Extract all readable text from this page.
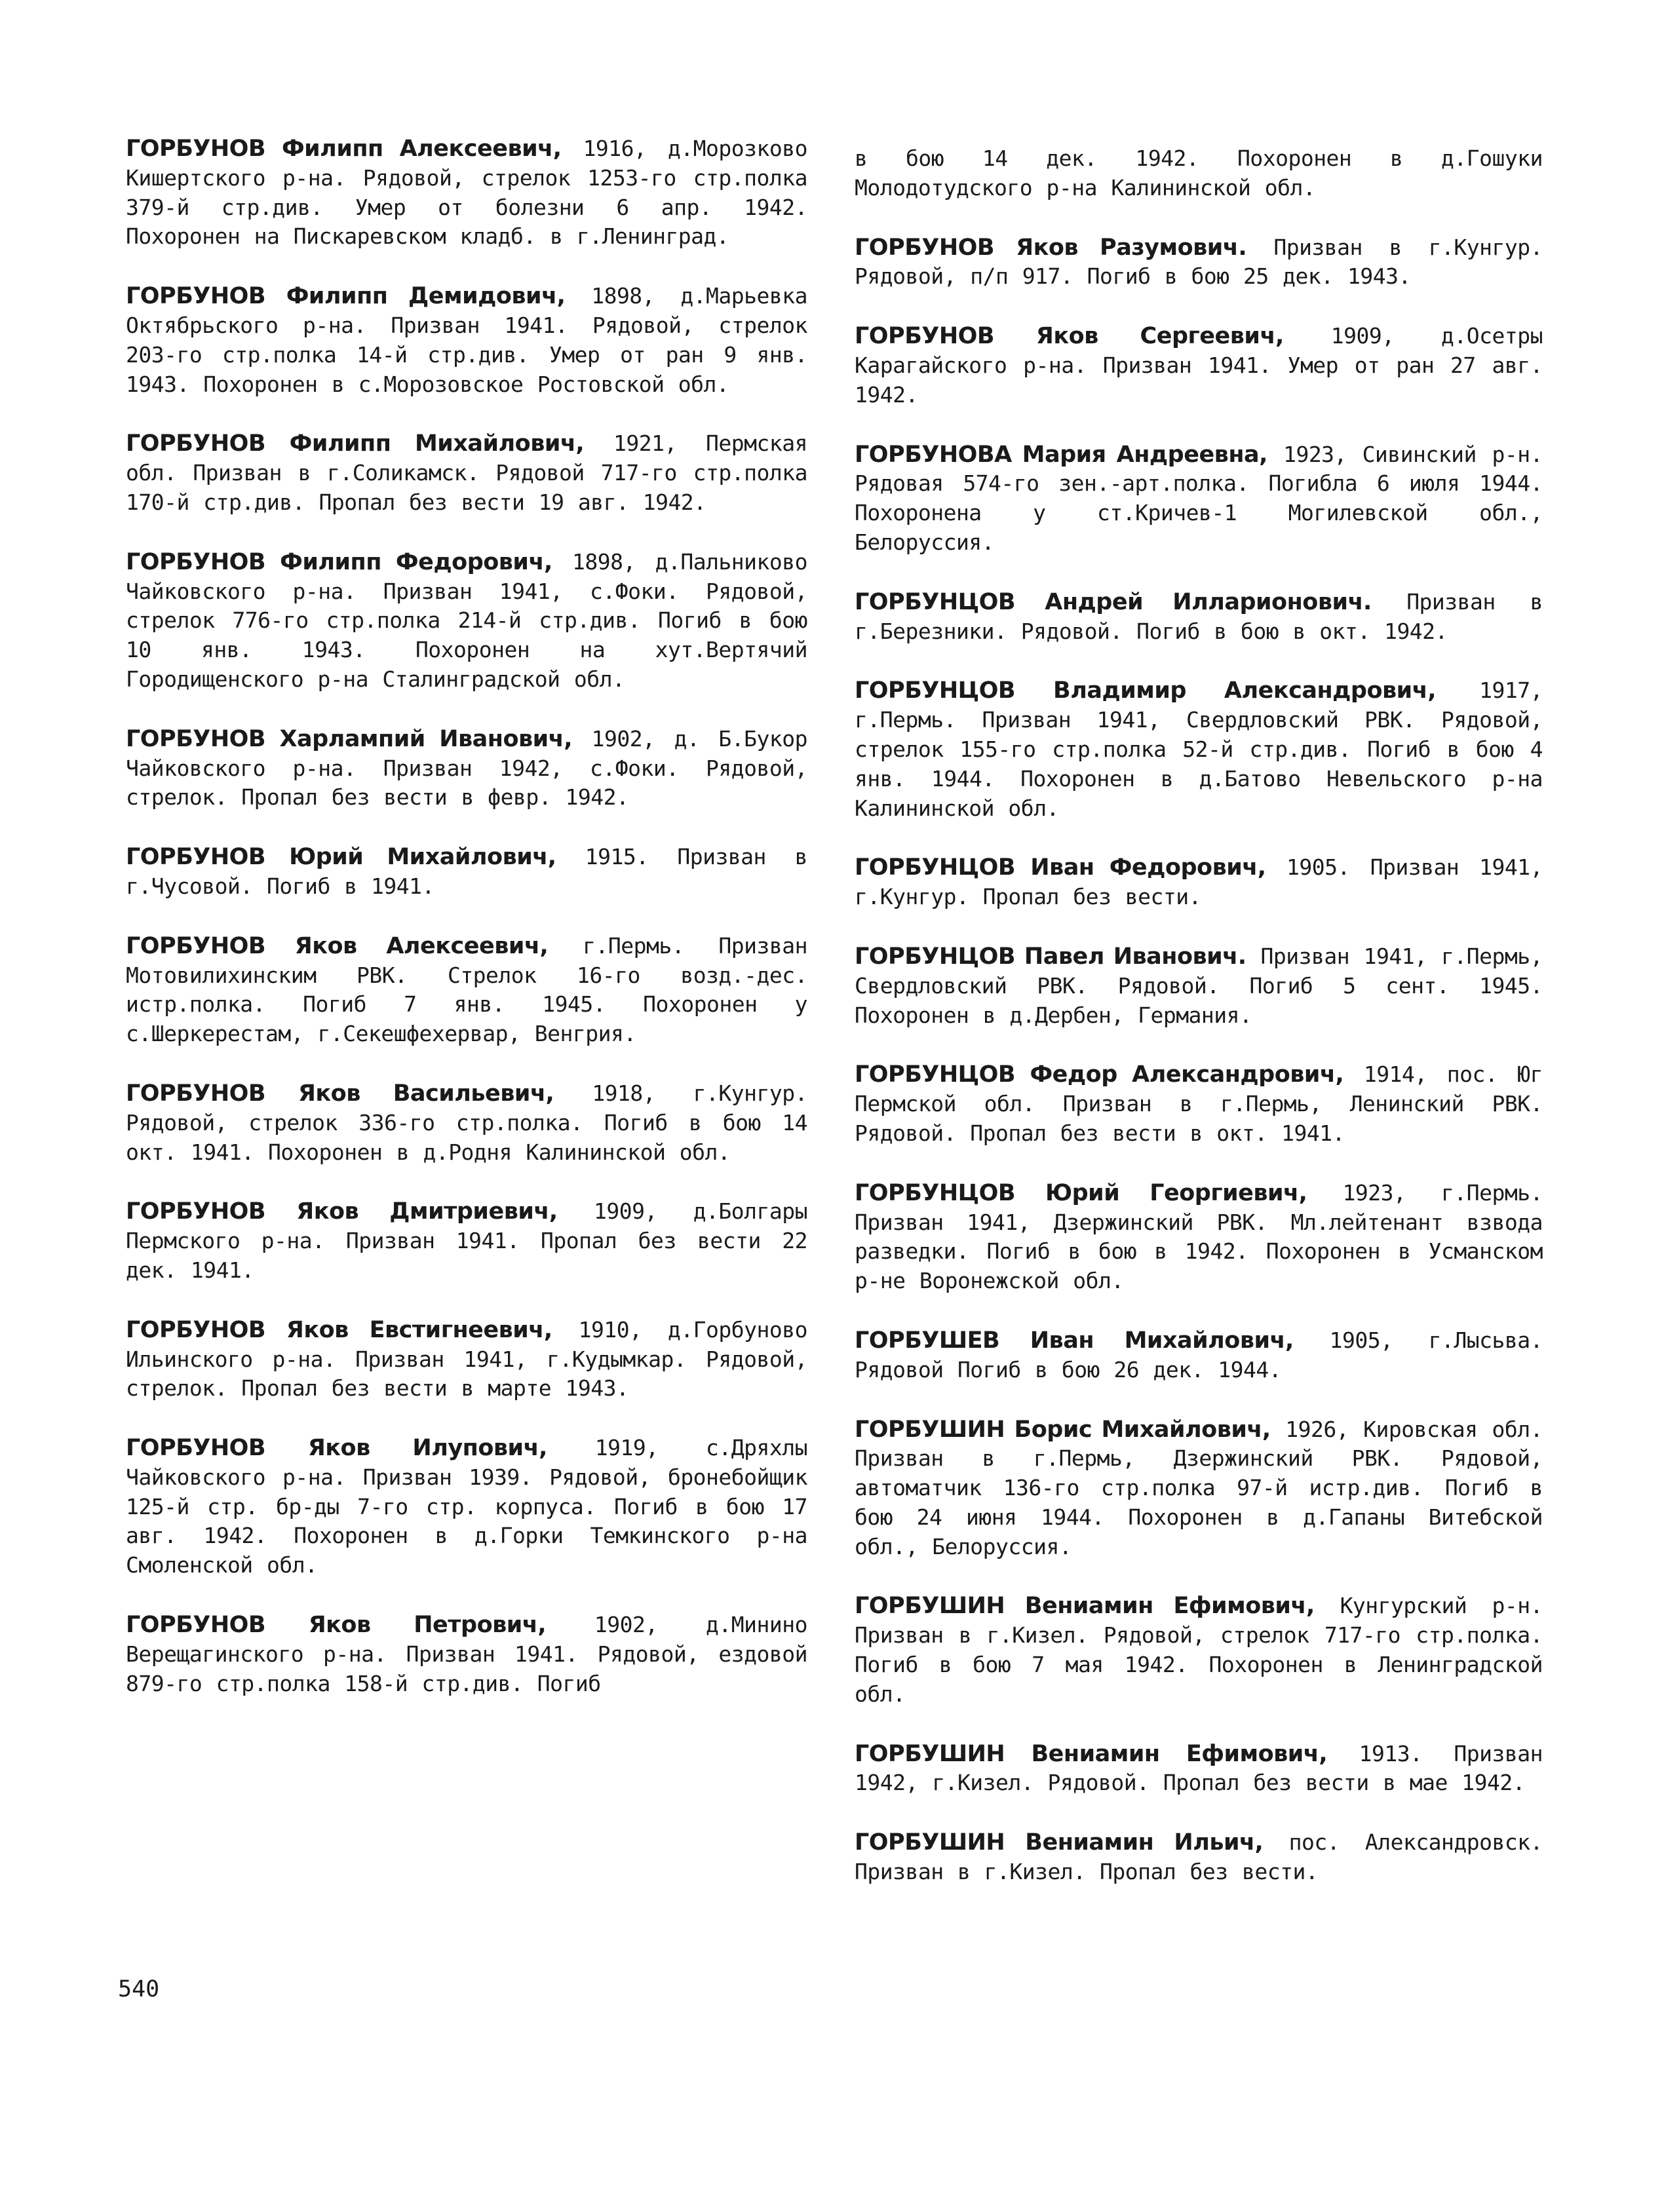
ГОРБУНОВ Филипп Алексеевич, 1916, д.Морозково Кишертского р-на. Рядовой, стрелок 1253-го стр.полка 379-й стр.див. Умер от болезни 6 апр. 1942. Похоронен на Пискаревском кладб. в г.Ленинград.

ГОРБУНОВ Филипп Демидович, 1898, д.Марьевка Октябрьского р-на. Призван 1941. Рядовой, стрелок 203-го стр.полка 14-й стр.див. Умер от ран 9 янв. 1943. Похоронен в с.Морозовское Ростовской обл.

ГОРБУНОВ Филипп Михайлович, 1921, Пермская обл. Призван в г.Соликамск. Рядовой 717-го стр.полка 170-й стр.див. Пропал без вести 19 авг. 1942.

ГОРБУНОВ Филипп Федорович, 1898, д.Пальниково Чайковского р-на. Призван 1941, с.Фоки. Рядовой, стрелок 776-го стр.полка 214-й стр.див. Погиб в бою 10 янв. 1943. Похоронен на хут.Вертячий Городищенского р-на Сталинградской обл.

ГОРБУНОВ Харлампий Иванович, 1902, д. Б.Букор Чайковского р-на. Призван 1942, с.Фоки. Рядовой, стрелок. Пропал без вести в февр. 1942.

ГОРБУНОВ Юрий Михайлович, 1915. Призван в г.Чусовой. Погиб в 1941.

ГОРБУНОВ Яков Алексеевич, г.Пермь. Призван Мотовилихинским РВК. Стрелок 16-го возд.-дес. истр.полка. Погиб 7 янв. 1945. Похоронен у с.Шеркерестам, г.Секешфехервар, Венгрия.

ГОРБУНОВ Яков Васильевич, 1918, г.Кунгур. Рядовой, стрелок 336-го стр.полка. Погиб в бою 14 окт. 1941. Похоронен в д.Родня Калининской обл.

ГОРБУНОВ Яков Дмитриевич, 1909, д.Болгары Пермского р-на. Призван 1941. Пропал без вести 22 дек. 1941.

ГОРБУНОВ Яков Евстигнеевич, 1910, д.Горбуново Ильинского р-на. Призван 1941, г.Кудымкар. Рядовой, стрелок. Пропал без вести в марте 1943.

ГОРБУНОВ Яков Илупович, 1919, с.Дряхлы Чайковского р-на. Призван 1939. Рядовой, бронебойщик 125-й стр. бр-ды 7-го стр. корпуса. Погиб в бою 17 авг. 1942. Похоронен в д.Горки Темкинского р-на Смоленской обл.

ГОРБУНОВ Яков Петрович, 1902, д.Минино Верещагинского р-на. Призван 1941. Рядовой, ездовой 879-го стр.полка 158-й стр.див. Погиб

в бою 14 дек. 1942. Похоронен в д.Гошуки Молодотудского р-на Калининской обл.

ГОРБУНОВ Яков Разумович. Призван в г.Кунгур. Рядовой, п/п 917. Погиб в бою 25 дек. 1943.

ГОРБУНОВ Яков Сергеевич, 1909, д.Осетры Карагайского р-на. Призван 1941. Умер от ран 27 авг. 1942.

ГОРБУНОВА Мария Андреевна, 1923, Сивинский р-н. Рядовая 574-го зен.-арт.полка. Погибла 6 июля 1944. Похоронена у ст.Кричев-1 Могилевской обл., Белоруссия.

ГОРБУНЦОВ Андрей Илларионович. Призван в г.Березники. Рядовой. Погиб в бою в окт. 1942.

ГОРБУНЦОВ Владимир Александрович, 1917, г.Пермь. Призван 1941, Свердловский РВК. Рядовой, стрелок 155-го стр.полка 52-й стр.див. Погиб в бою 4 янв. 1944. Похоронен в д.Батово Невельского р-на Калининской обл.

ГОРБУНЦОВ Иван Федорович, 1905. Призван 1941, г.Кунгур. Пропал без вести.

ГОРБУНЦОВ Павел Иванович. Призван 1941, г.Пермь, Свердловский РВК. Рядовой. Погиб 5 сент. 1945. Похоронен в д.Дербен, Германия.

ГОРБУНЦОВ Федор Александрович, 1914, пос. Юг Пермской обл. Призван в г.Пермь, Ленинский РВК. Рядовой. Пропал без вести в окт. 1941.

ГОРБУНЦОВ Юрий Георгиевич, 1923, г.Пермь. Призван 1941, Дзержинский РВК. Мл.лейтенант взвода разведки. Погиб в бою в 1942. Похоронен в Усманском р-не Воронежской обл.

ГОРБУШЕВ Иван Михайлович, 1905, г.Лысьва. Рядовой Погиб в бою 26 дек. 1944.

ГОРБУШИН Борис Михайлович, 1926, Кировская обл. Призван в г.Пермь, Дзержинский РВК. Рядовой, автоматчик 136-го стр.полка 97-й истр.див. Погиб в бою 24 июня 1944. Похоронен в д.Гапаны Витебской обл., Белоруссия.

ГОРБУШИН Вениамин Ефимович, Кунгурский р-н. Призван в г.Кизел. Рядовой, стрелок 717-го стр.полка. Погиб в бою 7 мая 1942. Похоронен в Ленинградской обл.

ГОРБУШИН Вениамин Ефимович, 1913. Призван 1942, г.Кизел. Рядовой. Пропал без вести в мае 1942.

ГОРБУШИН Вениамин Ильич, пос. Александровск. Призван в г.Кизел. Пропал без вести.

540
